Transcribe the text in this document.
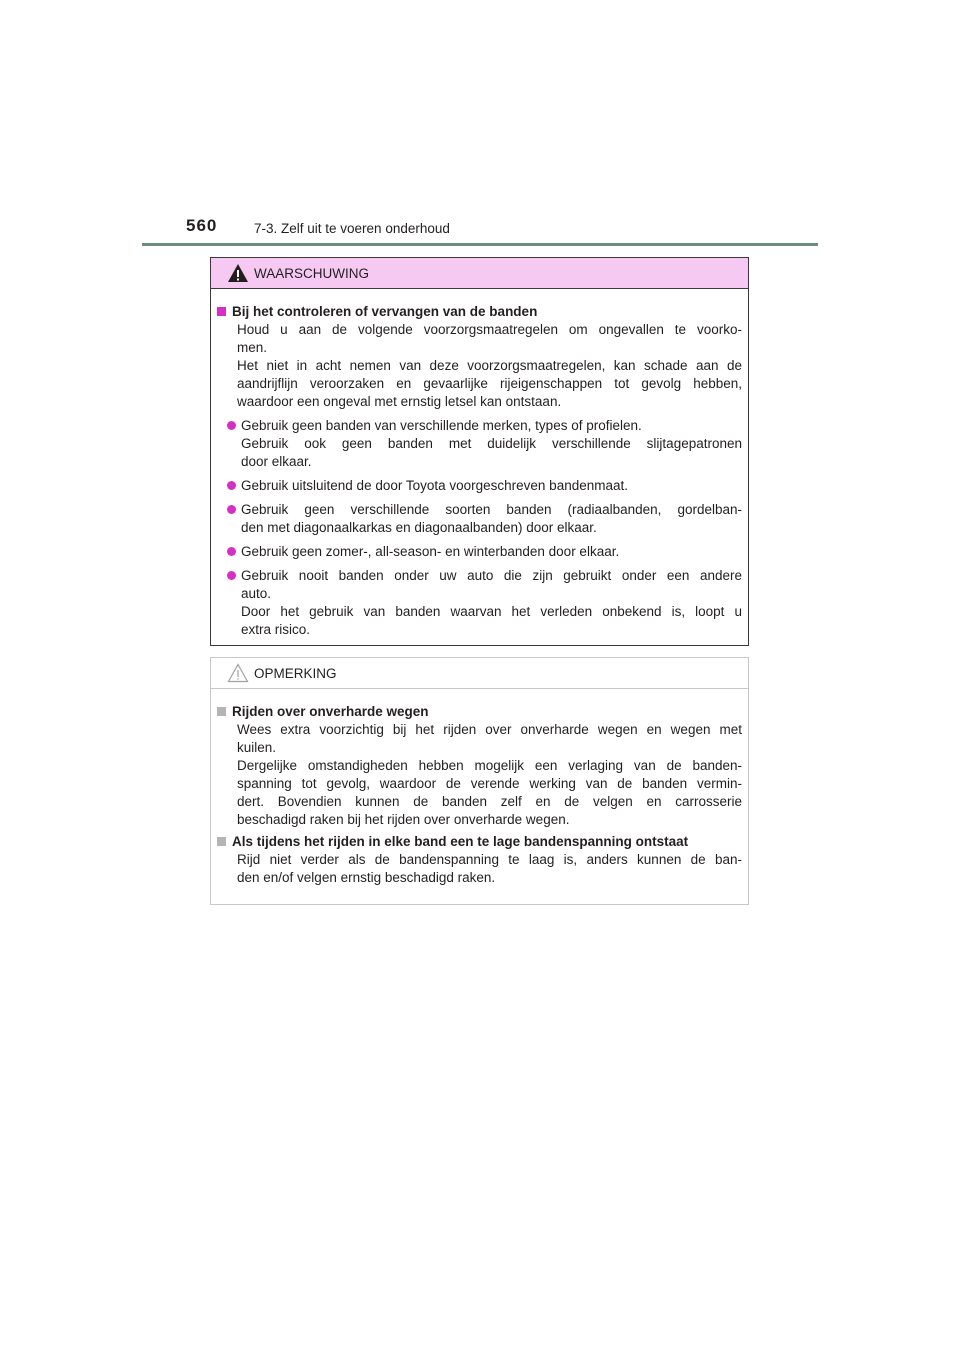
560	7-3. Zelf uit te voeren onderhoud
WAARSCHUWING
Bij het controleren of vervangen van de banden
Houd u aan de volgende voorzorgsmaatregelen om ongevallen te voorko-
men.
Het niet in acht nemen van deze voorzorgsmaatregelen, kan schade aan de
aandrijflijn veroorzaken en gevaarlijke rijeigenschappen tot gevolg hebben,
waardoor een ongeval met ernstig letsel kan ontstaan.
Gebruik geen banden van verschillende merken, types of profielen.
Gebruik ook geen banden met duidelijk verschillende slijtagepatronen
door elkaar.
Gebruik uitsluitend de door Toyota voorgeschreven bandenmaat.
Gebruik geen verschillende soorten banden (radiaalbanden, gordelban-
den met diagonaalkarkas en diagonaalbanden) door elkaar.
Gebruik geen zomer-, all-season- en winterbanden door elkaar.
Gebruik nooit banden onder uw auto die zijn gebruikt onder een andere
auto.
Door het gebruik van banden waarvan het verleden onbekend is, loopt u
extra risico.
OPMERKING
Rijden over onverharde wegen
Wees extra voorzichtig bij het rijden over onverharde wegen en wegen met
kuilen.
Dergelijke omstandigheden hebben mogelijk een verlaging van de banden-
spanning tot gevolg, waardoor de verende werking van de banden vermin-
dert. Bovendien kunnen de banden zelf en de velgen en carrosserie
beschadigd raken bij het rijden over onverharde wegen.
Als tijdens het rijden in elke band een te lage bandenspanning ontstaat
Rijd niet verder als de bandenspanning te laag is, anders kunnen de ban-
den en/of velgen ernstig beschadigd raken.
